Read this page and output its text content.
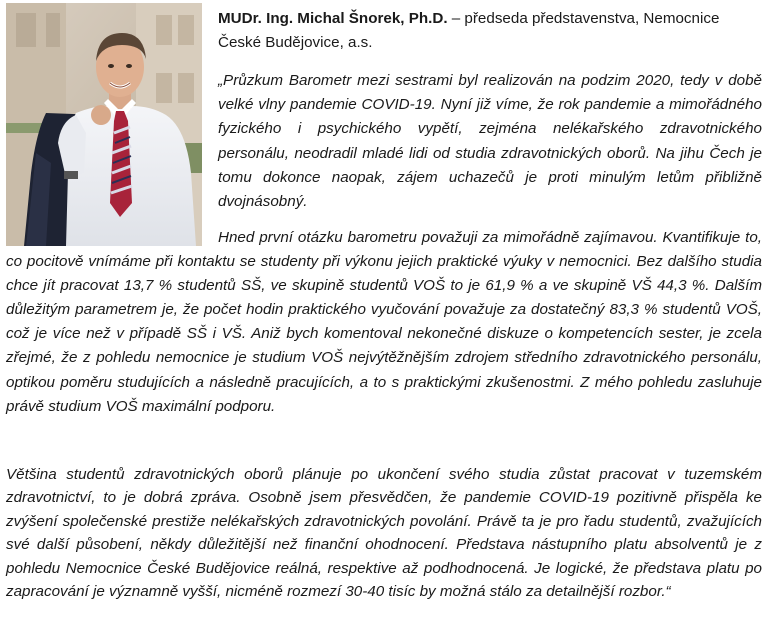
MUDr. Ing. Michal Šnorek, Ph.D. – předseda představenstva, Nemocnice České Budějovice, a.s.

„Průzkum Barometr mezi sestrami byl realizován na podzim 2020, tedy v době velké vlny pandemie COVID-19. Nyní již víme, že rok pandemie a mimořádného fyzického i psychického vypětí, zejména nelékařského zdravotnického personálu, neodradil mladé lidi od studia zdravotnických oborů. Na jihu Čech je tomu dokonce naopak, zájem uchazečů je proti minulým letům přibližně dvojnásobný.

Hned první otázku barometru považuji za mimořádně zajímavou. Kvantifikuje to, co pocitově vnímáme při kontaktu se studenty při výkonu jejich praktické výuky v nemocnici. Bez dalšího studia chce jít pracovat 13,7 % studentů SŠ, ve skupině studentů VOŠ to je 61,9 % a ve skupině VŠ 44,3 %. Dalším důležitým parametrem je, že počet hodin praktického vyučování považuje za dostatečný 83,3 % studentů VOŠ, což je více než v případě SŠ i VŠ. Aniž bych komentoval nekonečné diskuze o kompetencích sester, je zcela zřejmé, že z pohledu nemocnice je studium VOŠ nejvýtěžnějším zdrojem středního zdravotnického personálu, optikou poměru studujících a následně pracujících, a to s praktickými zkušenostmi. Z mého pohledu zasluhuje právě studium VOŠ maximální podporu.

Většina studentů zdravotnických oborů plánuje po ukončení svého studia zůstat pracovat v tuzemském zdravotnictví, to je dobrá zpráva. Osobně jsem přesvědčen, že pandemie COVID-19 pozitivně přispěla ke zvýšení společenské prestiže nelékařských zdravotnických povolání. Právě ta je pro řadu studentů, zvažujících své další působení, někdy důležitější než finanční ohodnocení. Představa nástupního platu absolventů je z pohledu Nemocnice České Budějovice reálná, respektive až podhodnocená. Je logické, že představa platu po zapracování je významně vyšší, nicméně rozmezí 30-40 tisíc by možná stálo za detailnější rozbor.“
